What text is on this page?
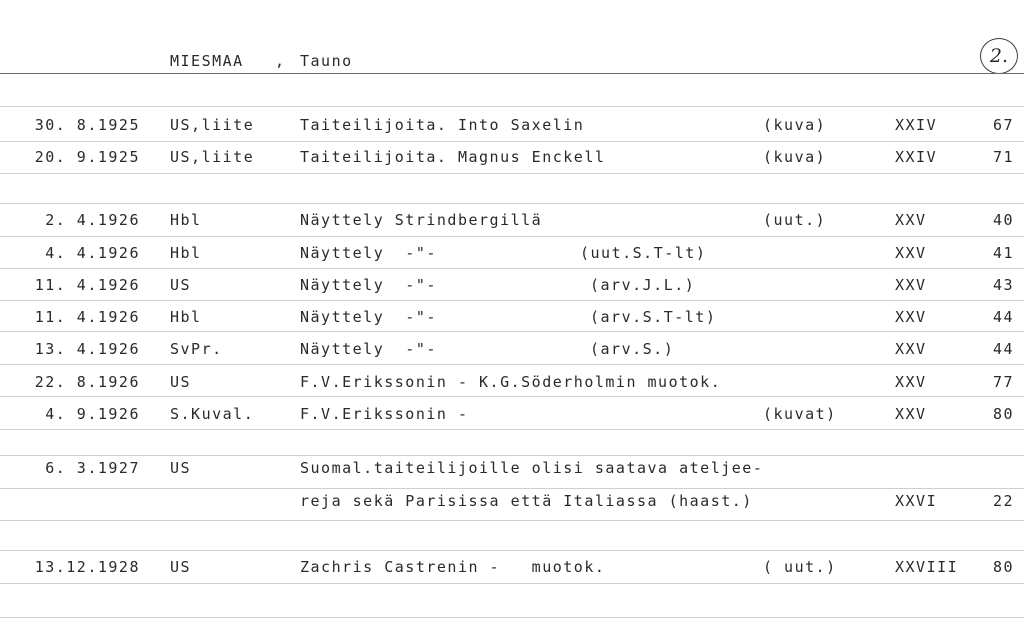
MIESMAA , Tauno	2.
30. 8.1925 US,liite	Taiteilijoita. Into Saxelin	(kuva)	XXIV	67
20. 9.1925 US,liite	Taiteilijoita. Magnus Enckell	(kuva)	XXIV	71
2. 4.1926 Hbl	Näyttely Strindbergillä	(uut.)	XXV	40
4. 4.1926 Hbl	Näyttely  -"-	(uut.S.T-lt)	XXV	41
11. 4.1926 US	Näyttely  -"-	(arv.J.L.)	XXV	43
11. 4.1926 Hbl	Näyttely  -"-	(arv.S.T-lt)	XXV	44
13. 4.1926 SvPr.	Näyttely  -"-	(arv.S.)	XXV	44
22. 8.1926 US	F.V.Erikssonin - K.G.Söderholmin muotok.	XXV	77
4. 9.1926 S.Kuval.	F.V.Erikssonin -	(kuvat)	XXV	80
6. 3.1927 US	Suomal.taiteilijoille olisi saatava ateljee-
reja sekä Parisissa että Italiassa (haast.)	XXVI	22
13.12.1928 US	Zachris Castrenin -   muotok.	( uut.)	XXVIII	80
